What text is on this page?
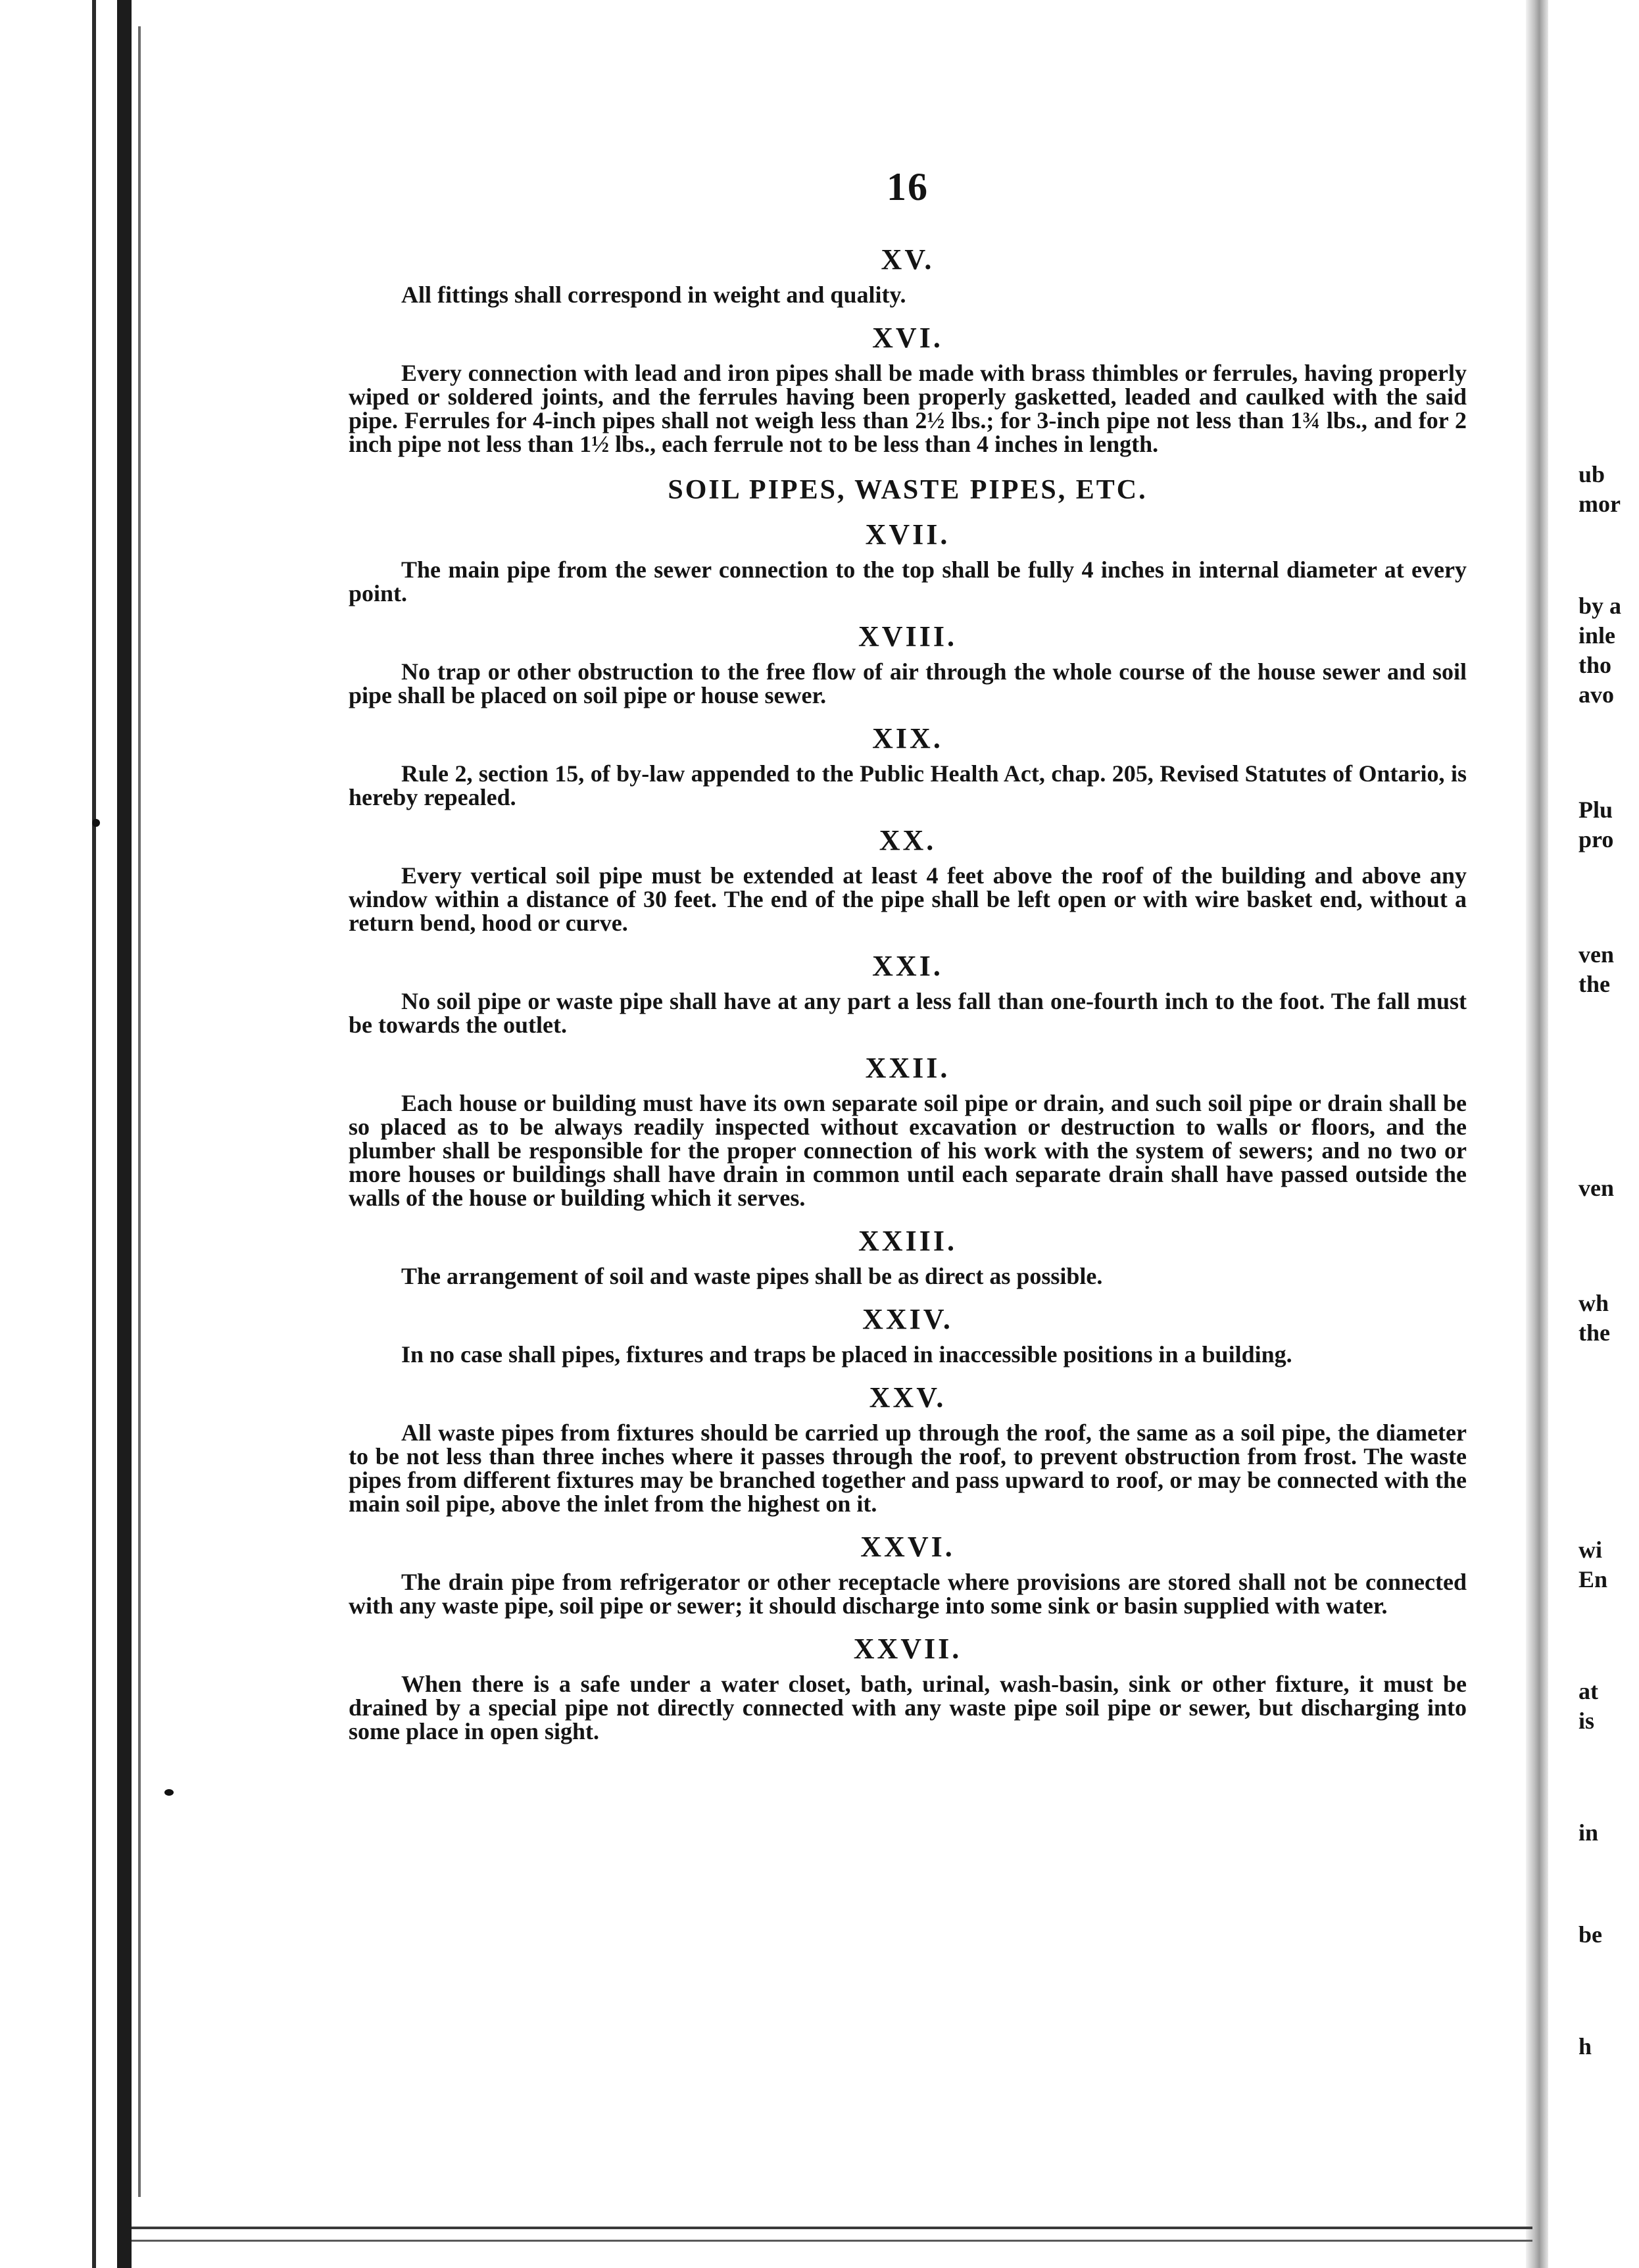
16
XV.

All fittings shall correspond in weight and quality.

XVI.

Every connection with lead and iron pipes shall be made with brass thimbles or ferrules, having properly wiped or soldered joints, and the ferrules having been properly gasketted, leaded and caulked with the said pipe. Ferrules for 4-inch pipes shall not weigh less than 2½ lbs.; for 3-inch pipe not less than 1¾ lbs., and for 2 inch pipe not less than 1½ lbs., each ferrule not to be less than 4 inches in length.

SOIL PIPES, WASTE PIPES, ETC.
XVII.

The main pipe from the sewer connection to the top shall be fully 4 inches in internal diameter at every point.

XVIII.

No trap or other obstruction to the free flow of air through the whole course of the house sewer and soil pipe shall be placed on soil pipe or house sewer.

XIX.

Rule 2, section 15, of by-law appended to the Public Health Act, chap. 205, Revised Statutes of Ontario, is hereby repealed.

XX.

Every vertical soil pipe must be extended at least 4 feet above the roof of the building and above any window within a distance of 30 feet. The end of the pipe shall be left open or with wire basket end, without a return bend, hood or curve.

XXI.

No soil pipe or waste pipe shall have at any part a less fall than one-fourth inch to the foot. The fall must be towards the outlet.

XXII.

Each house or building must have its own separate soil pipe or drain, and such soil pipe or drain shall be so placed as to be always readily inspected without excavation or destruction to walls or floors, and the plumber shall be responsible for the proper connection of his work with the system of sewers; and no two or more houses or buildings shall have drain in common until each separate drain shall have passed outside the walls of the house or building which it serves.

XXIII.

The arrangement of soil and waste pipes shall be as direct as possible.

XXIV.

In no case shall pipes, fixtures and traps be placed in inaccessible positions in a building.

XXV.

All waste pipes from fixtures should be carried up through the roof, the same as a soil pipe, the diameter to be not less than three inches where it passes through the roof, to prevent obstruction from frost. The waste pipes from different fixtures may be branched together and pass upward to roof, or may be connected with the main soil pipe, above the inlet from the highest on it.

XXVI.

The drain pipe from refrigerator or other receptacle where provisions are stored shall not be connected with any waste pipe, soil pipe or sewer; it should discharge into some sink or basin supplied with water.

XXVII.

When there is a safe under a water closet, bath, urinal, wash-basin, sink or other fixture, it must be drained by a special pipe not directly connected with any waste pipe soil pipe or sewer, but discharging into some place in open sight.

ub
mor
by a
inle
tho
avo
Plu
pro
ven
the
ven
wh
the
wi
En
at
is
in
be
h
